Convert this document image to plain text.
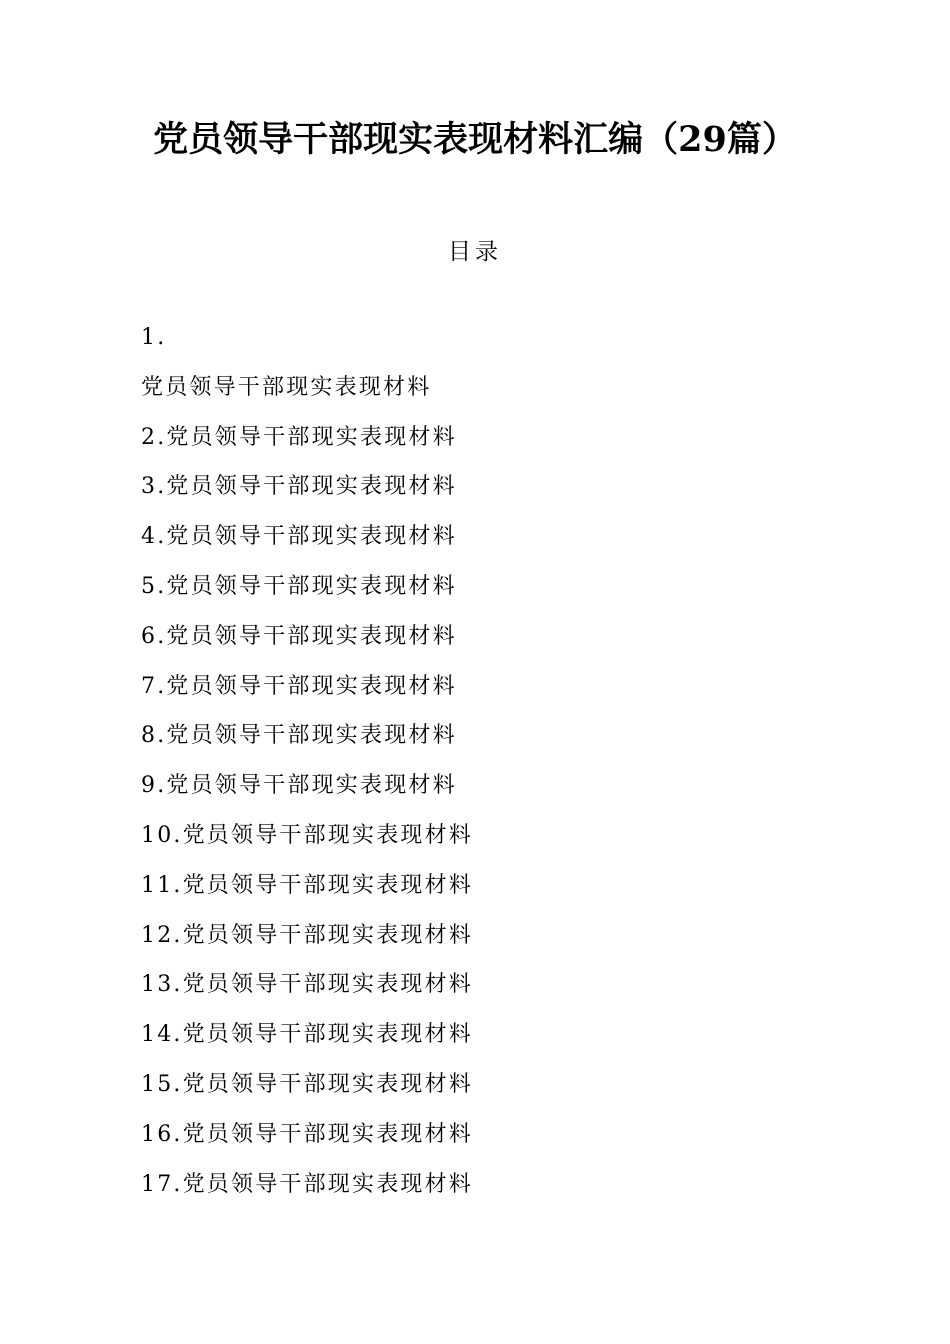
党员领导干部现实表现材料汇编（29篇）
目录
1.
党员领导干部现实表现材料
2.党员领导干部现实表现材料
3.党员领导干部现实表现材料
4.党员领导干部现实表现材料
5.党员领导干部现实表现材料
6.党员领导干部现实表现材料
7.党员领导干部现实表现材料
8.党员领导干部现实表现材料
9.党员领导干部现实表现材料
10.党员领导干部现实表现材料
11.党员领导干部现实表现材料
12.党员领导干部现实表现材料
13.党员领导干部现实表现材料
14.党员领导干部现实表现材料
15.党员领导干部现实表现材料
16.党员领导干部现实表现材料
17.党员领导干部现实表现材料
